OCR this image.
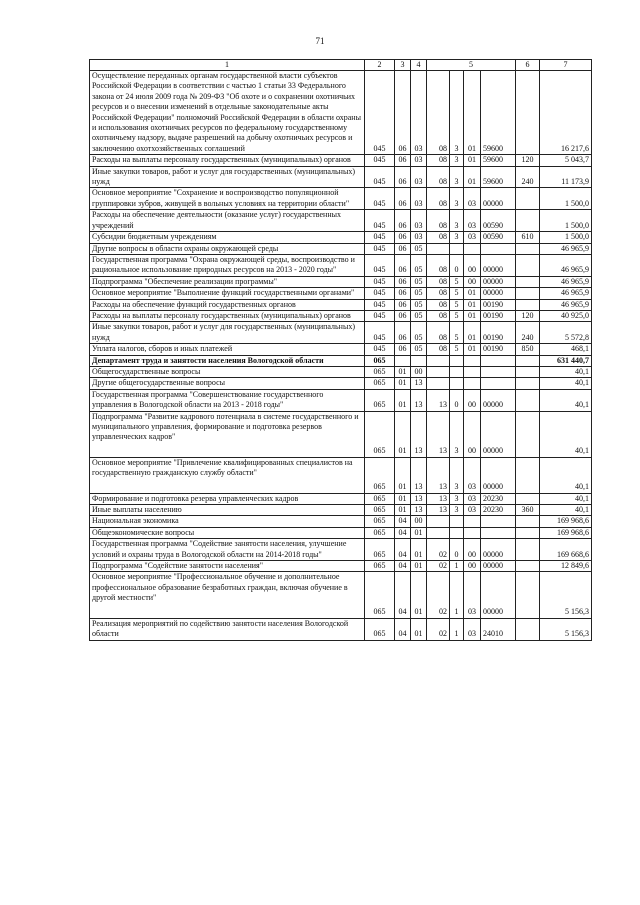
71
1	2	3	4	5				6	7
Осуществление переданных органам государственной власти субъектов Российской Федерации в соответствии с частью 1 статьи 33 Федерального закона от 24 июля 2009 года № 209-ФЗ "Об охоте и о сохранении охотничьих ресурсов и о внесении изменений в отдельные законодательные акты Российской Федерации" полномочий Российской Федерации в области охраны и использования охотничьих ресурсов по федеральному государственному охотничьему надзору, выдаче разрешений на добычу охотничьих ресурсов и заключению охотхозяйственных соглашений	045	06	03	08	3	01	59600		16 217,6
Расходы на выплаты персоналу государственных (муниципальных) органов	045	06	03	08	3	01	59600	120	5 043,7
Иные закупки товаров, работ и услуг для государственных (муниципальных) нужд	045	06	03	08	3	01	59600	240	11 173,9
Основное мероприятие "Сохранение и воспроизводство популяционной группировки зубров, живущей в вольных условиях на территории области"	045	06	03	08	3	03	00000		1 500,0
Расходы на обеспечение деятельности (оказание услуг) государственных учреждений	045	06	03	08	3	03	00590		1 500,0
Субсидии бюджетным учреждениям	045	06	03	08	3	03	00590	610	1 500,0
Другие вопросы в области охраны окружающей среды	045	06	05						46 965,9
Государственная программа "Охрана окружающей среды, воспроизводство и рациональное использование природных ресурсов на 2013 - 2020 годы"	045	06	05	08	0	00	00000		46 965,9
Подпрограмма "Обеспечение реализации программы"	045	06	05	08	5	00	00000		46 965,9
Основное мероприятие "Выполнение функций государственными органами"	045	06	05	08	5	01	00000		46 965,9
Расходы на обеспечение функций государственных органов	045	06	05	08	5	01	00190		46 965,9
Расходы на выплаты персоналу государственных (муниципальных) органов	045	06	05	08	5	01	00190	120	40 925,0
Иные закупки товаров, работ и услуг для государственных (муниципальных) нужд	045	06	05	08	5	01	00190	240	5 572,8
Уплата налогов, сборов и иных платежей	045	06	05	08	5	01	00190	850	468,1
Департамент труда и занятости населения Вологодской области	065								631 440,7
Общегосударственные вопросы	065	01	00						40,1
Другие общегосударственные вопросы	065	01	13						40,1
Государственная программа "Совершенствование государственного управления в Вологодской области на 2013 - 2018 годы"	065	01	13	13	0	00	00000		40,1
Подпрограмма "Развитие кадрового потенциала в системе государственного и муниципального управления, формирование и подготовка резервов управленческих кадров"	065	01	13	13	3	00	00000		40,1
Основное мероприятие "Привлечение квалифицированных специалистов на государственную гражданскую службу области"	065	01	13	13	3	03	00000		40,1
Формирование и подготовка резерва управленческих кадров	065	01	13	13	3	03	20230		40,1
Иные выплаты населению	065	01	13	13	3	03	20230	360	40,1
Национальная экономика	065	04	00						169 968,6
Общеэкономические вопросы	065	04	01						169 968,6
Государственная программа "Содействие занятости населения, улучшение условий и охраны труда в Вологодской области на 2014-2018 годы"	065	04	01	02	0	00	00000		169 668,6
Подпрограмма "Содействие занятости населения"	065	04	01	02	1	00	00000		12 849,6
Основное мероприятие "Профессиональное обучение и дополнительное профессиональное образование безработных граждан, включая обучение в другой местности"	065	04	01	02	1	03	00000		5 156,3
Реализация мероприятий по содействию занятости населения Вологодской области	065	04	01	02	1	03	24010		5 156,3
